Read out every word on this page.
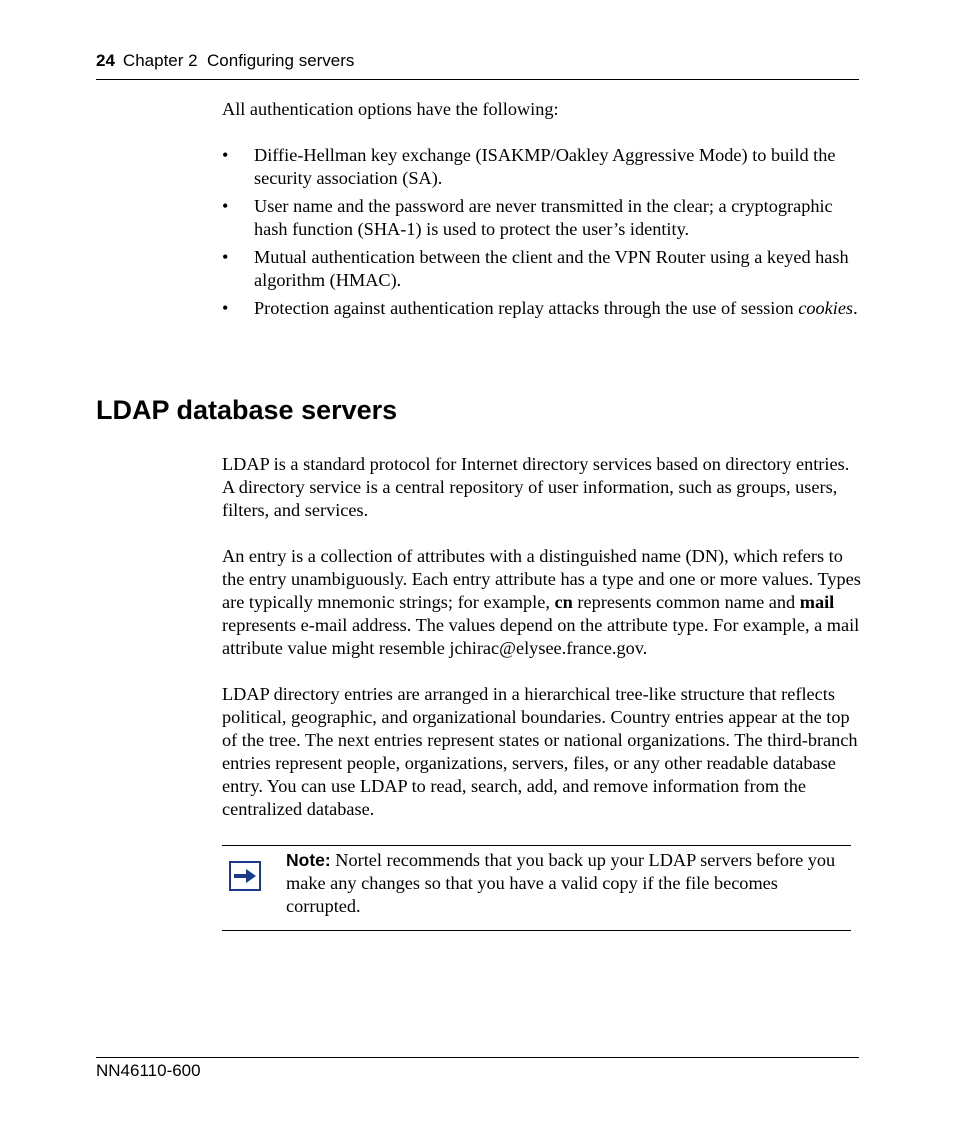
24 Chapter 2  Configuring servers

All authentication options have the following:

• Diffie-Hellman key exchange (ISAKMP/Oakley Aggressive Mode) to build the security association (SA).
• User name and the password are never transmitted in the clear; a cryptographic hash function (SHA-1) is used to protect the user’s identity.
• Mutual authentication between the client and the VPN Router using a keyed hash algorithm (HMAC).
• Protection against authentication replay attacks through the use of session cookies.
LDAP database servers

LDAP is a standard protocol for Internet directory services based on directory entries. A directory service is a central repository of user information, such as groups, users, filters, and services.

An entry is a collection of attributes with a distinguished name (DN), which refers to the entry unambiguously. Each entry attribute has a type and one or more values. Types are typically mnemonic strings; for example, cn represents common name and mail represents e-mail address. The values depend on the attribute type. For example, a mail attribute value might resemble jchirac@elysee.france.gov.

LDAP directory entries are arranged in a hierarchical tree-like structure that reflects political, geographic, and organizational boundaries. Country entries appear at the top of the tree. The next entries represent states or national organizations. The third-branch entries represent people, organizations, servers, files, or any other readable database entry. You can use LDAP to read, search, add, and remove information from the centralized database.

Note: Nortel recommends that you back up your LDAP servers before you make any changes so that you have a valid copy if the file becomes corrupted.
NN46110-600
